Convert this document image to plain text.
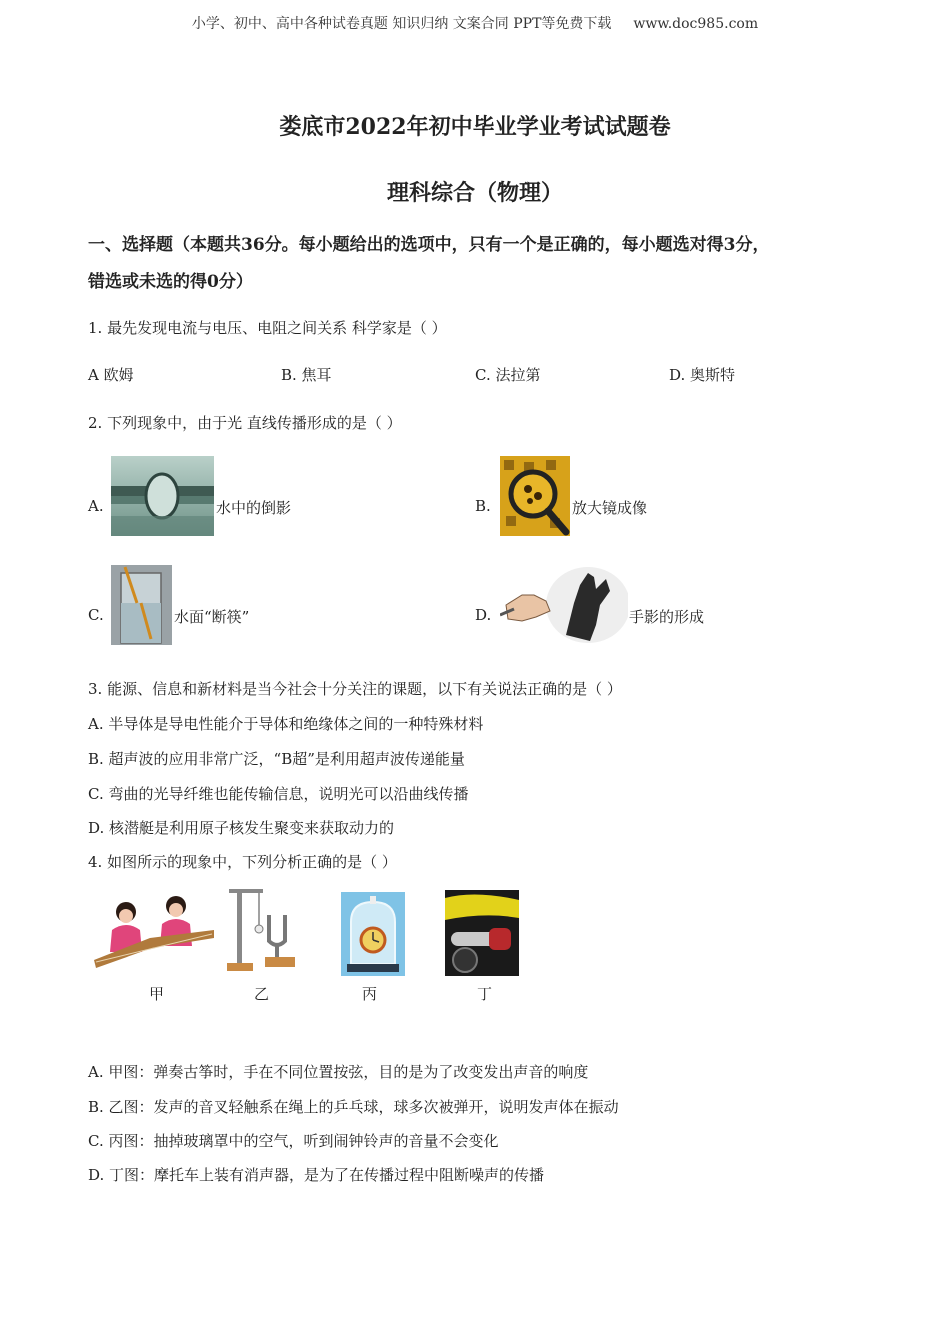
小学、初中、高中各种试卷真题 知识归纳 文案合同 PPT等免费下载 www.doc985.com
娄底市2022年初中毕业学业考试试题卷
理科综合（物理）
一、选择题（本题共36分。每小题给出的选项中，只有一个是正确的，每小题选对得3分，
错选或未选的得0分）
1. 最先发现电流与电压、电阻之间关系 科学家是（ ）
A 欧姆	B. 焦耳	C. 法拉第	D. 奥斯特
2. 下列现象中，由于光 直线传播形成的是（ ）
A.	水中的倒影	B.	放大镜成像
C.	水面“断筷”	D.	手影的形成
3. 能源、信息和新材料是当今社会十分关注的课题，以下有关说法正确的是（ ）
A. 半导体是导电性能介于导体和绝缘体之间的一种特殊材料
B. 超声波的应用非常广泛，“B超”是利用超声波传递能量
C. 弯曲的光导纤维也能传输信息，说明光可以沿曲线传播
D. 核潜艇是利用原子核发生聚变来获取动力的
4. 如图所示的现象中，下列分析正确的是（ ）
甲	乙	丙	丁
A. 甲图：弹奏古筝时，手在不同位置按弦，目的是为了改变发出声音的响度
B. 乙图：发声的音叉轻触系在绳上的乒乓球，球多次被弹开，说明发声体在振动
C. 丙图：抽掉玻璃罩中的空气，听到闹钟铃声的音量不会变化
D. 丁图：摩托车上装有消声器，是为了在传播过程中阻断噪声的传播
